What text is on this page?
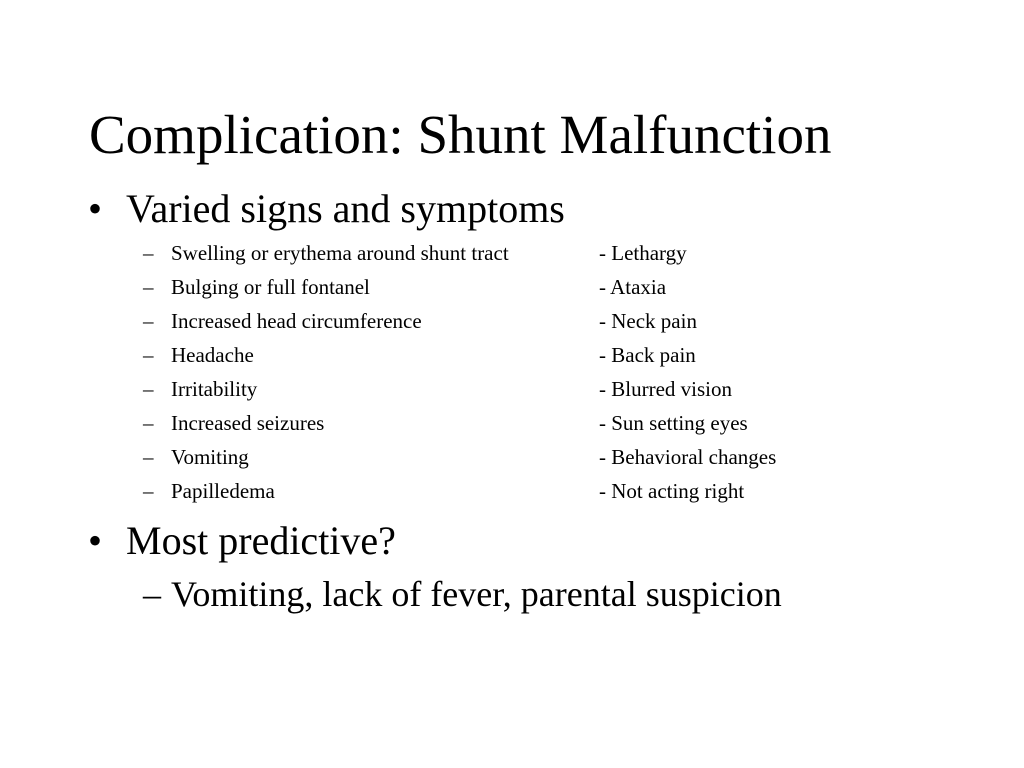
Complication: Shunt Malfunction
• Varied signs and symptoms
– Swelling or erythema around shunt tract	- Lethargy
– Bulging or full fontanel	- Ataxia
– Increased head circumference	- Neck pain
– Headache	- Back pain
– Irritability	- Blurred vision
– Increased seizures	- Sun setting eyes
– Vomiting	- Behavioral changes
– Papilledema	- Not acting right
• Most predictive?
– Vomiting, lack of fever, parental suspicion
